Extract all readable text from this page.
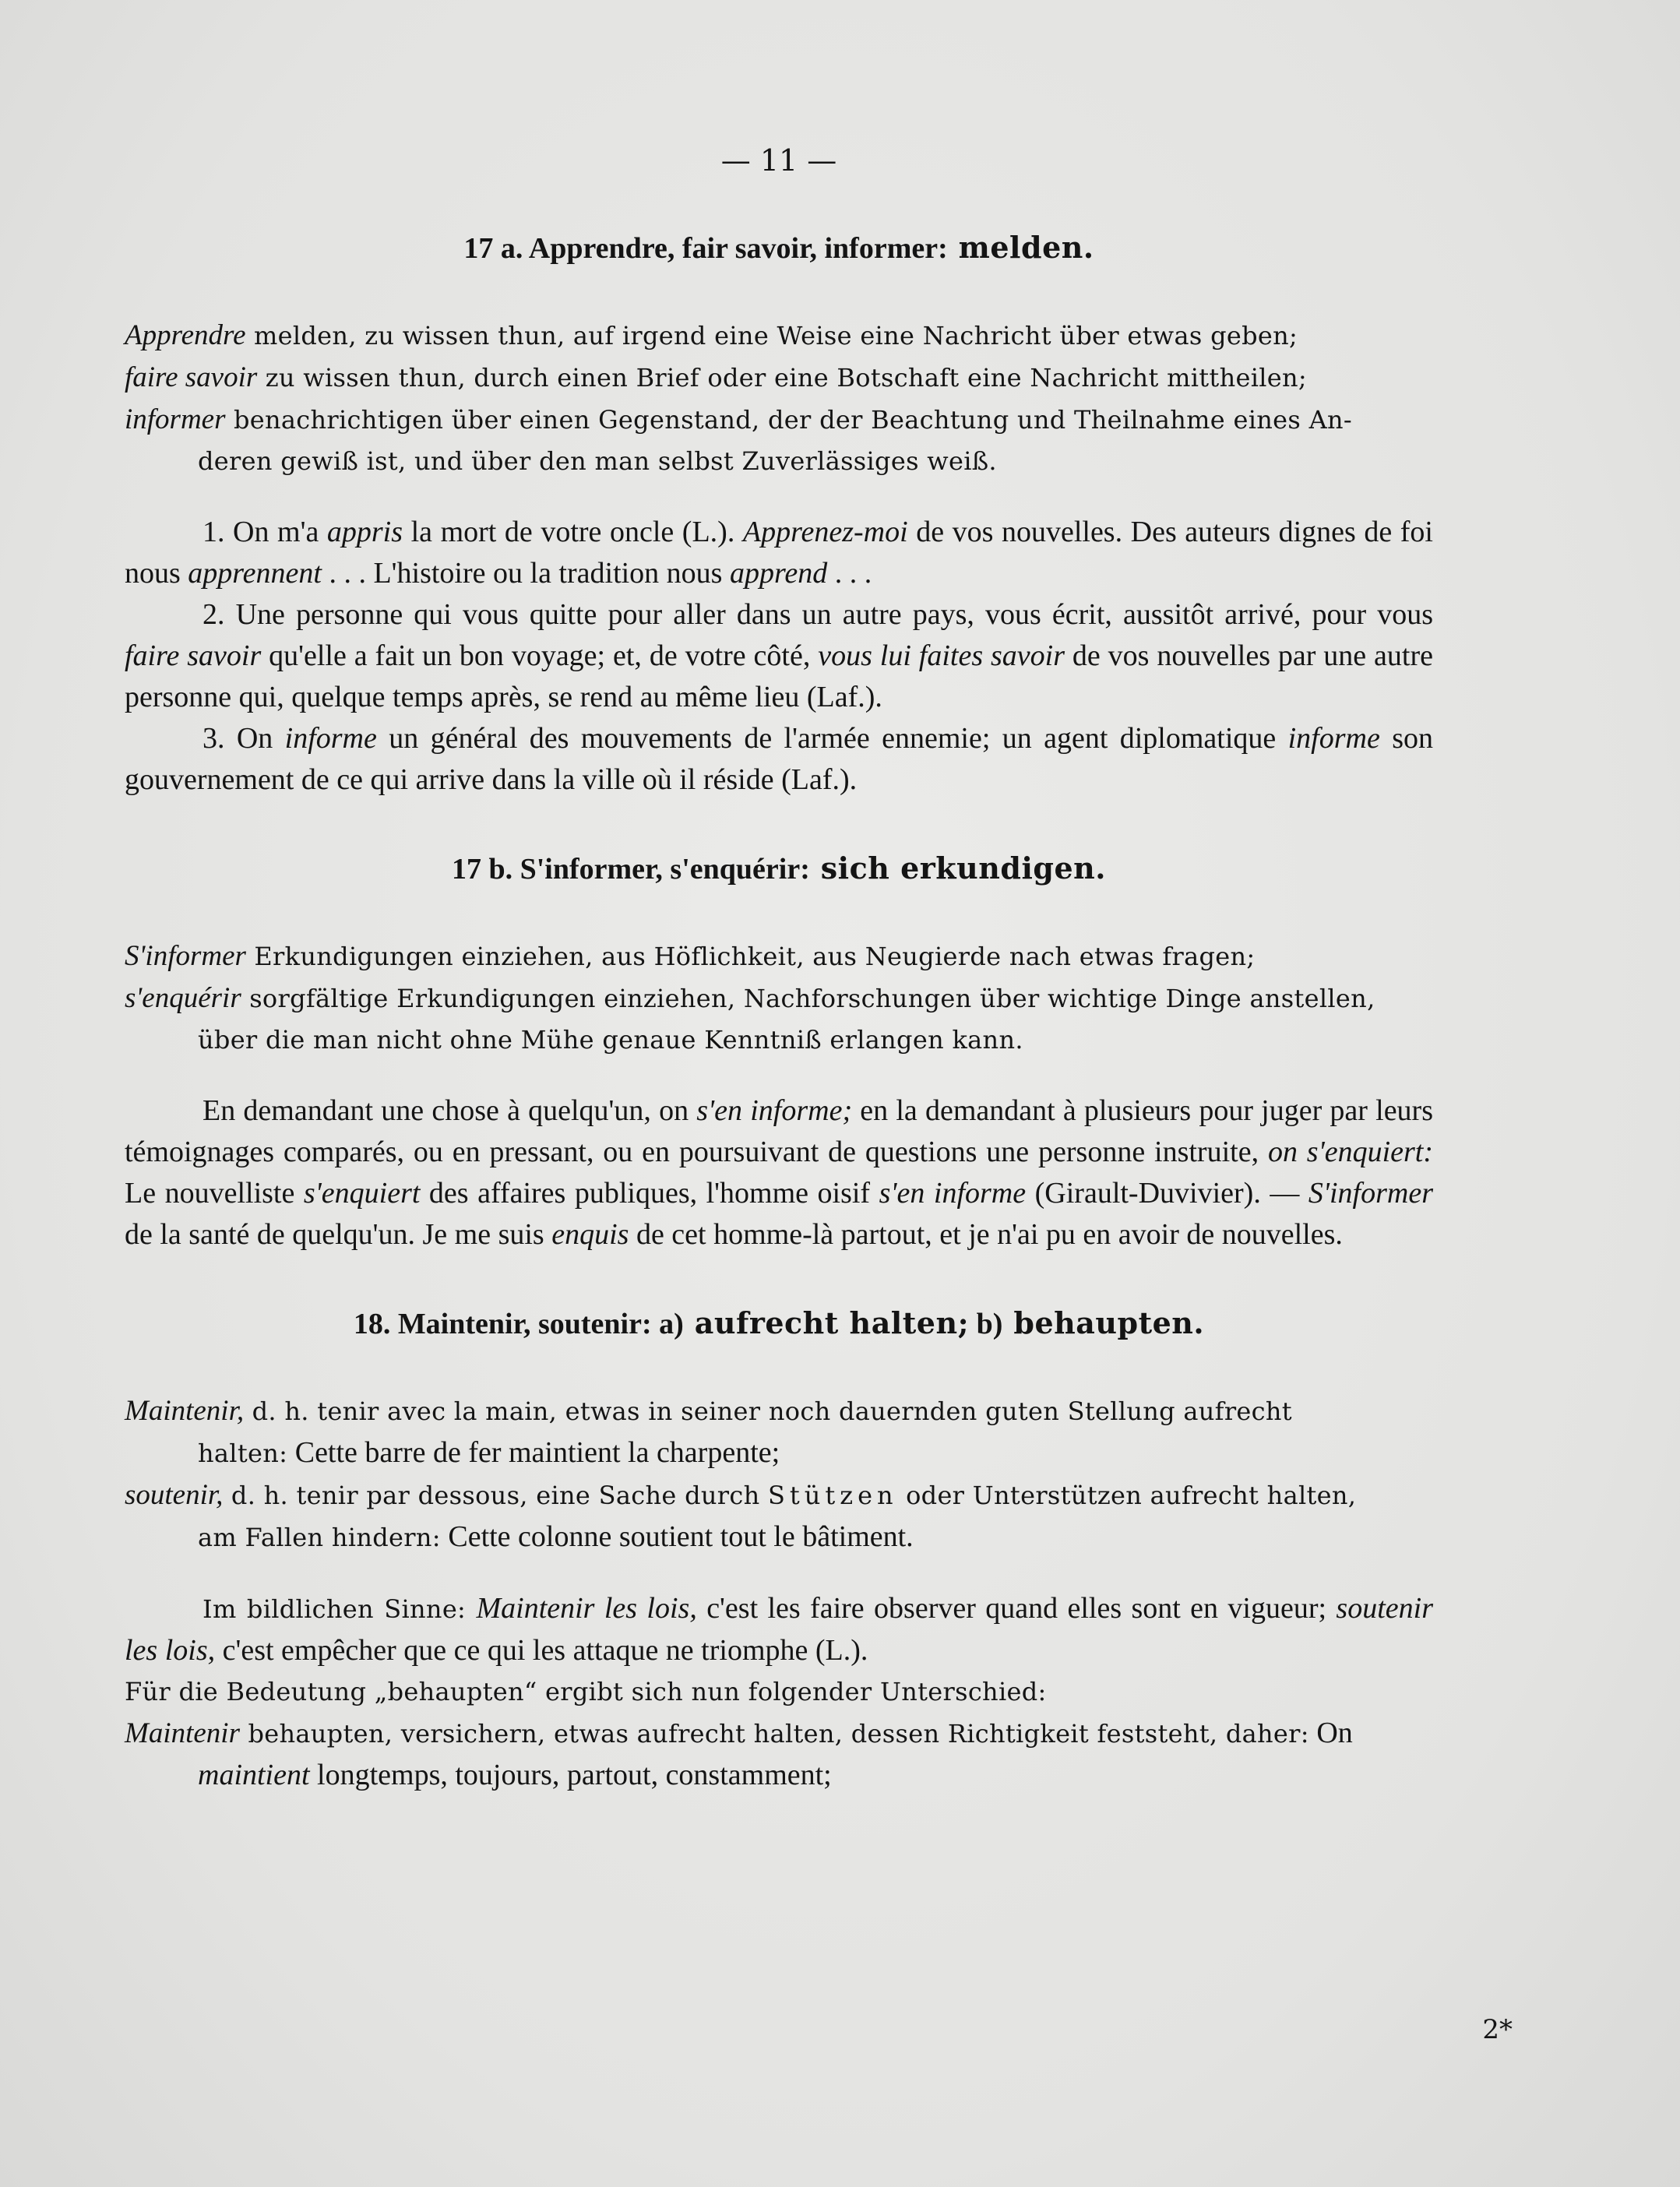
— 11 —
17 a. Apprendre, fair savoir, informer: melden.

Apprendre melden, zu wissen thun, auf irgend eine Weise eine Nachricht über etwas geben;

faire savoir zu wissen thun, durch einen Brief oder eine Botschaft eine Nachricht mittheilen;

informer benachrichtigen über einen Gegenstand, der der Beachtung und Theilnahme eines An-

deren gewiß ist, und über den man selbst Zuverlässiges weiß.

1. On m'a appris la mort de votre oncle (L.). Apprenez-moi de vos nouvelles. Des auteurs dignes de foi nous apprennent . . . L'histoire ou la tradition nous apprend . . .

2. Une personne qui vous quitte pour aller dans un autre pays, vous écrit, aussitôt arrivé, pour vous faire savoir qu'elle a fait un bon voyage; et, de votre côté, vous lui faites savoir de vos nouvelles par une autre personne qui, quelque temps après, se rend au même lieu (Laf.).

3. On informe un général des mouvements de l'armée ennemie; un agent diplomatique informe son gouvernement de ce qui arrive dans la ville où il réside (Laf.).

17 b. S'informer, s'enquérir: sich erkundigen.

S'informer Erkundigungen einziehen, aus Höflichkeit, aus Neugierde nach etwas fragen;

s'enquérir sorgfältige Erkundigungen einziehen, Nachforschungen über wichtige Dinge anstellen,

über die man nicht ohne Mühe genaue Kenntniß erlangen kann.

En demandant une chose à quelqu'un, on s'en informe; en la demandant à plusieurs pour juger par leurs témoignages comparés, ou en pressant, ou en poursuivant de questions une personne instruite, on s'enquiert: Le nouvelliste s'enquiert des affaires publiques, l'homme oisif s'en informe (Girault-Duvivier). — S'informer de la santé de quelqu'un. Je me suis enquis de cet homme-là partout, et je n'ai pu en avoir de nouvelles.

18. Maintenir, soutenir: a) aufrecht halten; b) behaupten.

Maintenir, d. h. tenir avec la main, etwas in seiner noch dauernden guten Stellung aufrecht

halten: Cette barre de fer maintient la charpente;

soutenir, d. h. tenir par dessous, eine Sache durch Stützen oder Unterstützen aufrecht halten,

am Fallen hindern: Cette colonne soutient tout le bâtiment.

Im bildlichen Sinne: Maintenir les lois, c'est les faire observer quand elles sont en vigueur; soutenir les lois, c'est empêcher que ce qui les attaque ne triomphe (L.).

Für die Bedeutung „behaupten“ ergibt sich nun folgender Unterschied:

Maintenir behaupten, versichern, etwas aufrecht halten, dessen Richtigkeit feststeht, daher: On

maintient longtemps, toujours, partout, constamment;

2*
